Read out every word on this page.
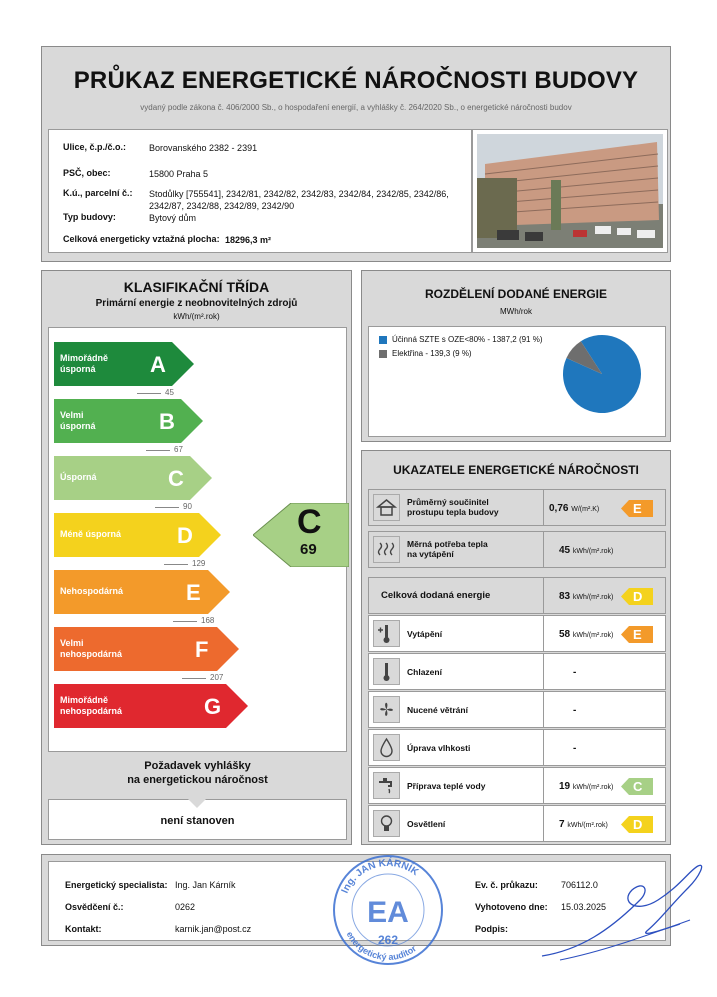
PRŮKAZ ENERGETICKÉ NÁROČNOSTI BUDOVY
vydaný podle zákona č. 406/2000 Sb., o hospodaření energií, a vyhlášky č. 264/2020 Sb., o energetické náročnosti budov
Ulice, č.p./č.o.:	Borovanského 2382 - 2391
PSČ, obec:	15800 Praha 5
K.ú., parcelní č.: Stodůlky [755541], 2342/81, 2342/82, 2342/83, 2342/84, 2342/85, 2342/86, 2342/87, 2342/88, 2342/89, 2342/90
Typ budovy:	Bytový dům
Celková energeticky vztažná plocha: 18296,3 m²
KLASIFIKAČNÍ TŘÍDA
Primární energie z neobnovitelných zdrojů
kWh/(m².rok)
Mimořádně
úsporná	A
45
Velmi
úsporná	B
67
Úsporná	C
90
Méně úsporná	D
129
Nehospodárná	E
168
Velmi
nehospodárná	F
207
Mimořádně
nehospodárná	G
C
69
Požadavek vyhlášky
na energetickou náročnost
není stanoven
ROZDĚLENÍ DODANÉ ENERGIE
MWh/rok
Účinná SZTE s OZE<80% - 1387,2 (91 %)
Elektřina - 139,3 (9 %)
UKAZATELE ENERGETICKÉ NÁROČNOSTI
Průměrný součinitel
prostupu tepla budovy	0,76 W/(m².K)	E
Měrná potřeba tepla
na vytápění	45 kWh/(m².rok)
Celková dodaná energie	83 kWh/(m².rok)	D
Vytápění	58 kWh/(m².rok)	E
Chlazení	-
Nucené větrání	-
Úprava vlhkosti	-
Příprava teplé vody	19 kWh/(m².rok)	C
Osvětlení	7 kWh/(m².rok)	D
Energetický specialista: Ing. Jan Kárník
Osvědčení č.:	0262
Kontakt:	karnik.jan@post.cz
Ev. č. průkazu:	706112.0
Vyhotoveno dne: 15.03.2025
Podpis:
Ing. JAN KÁRNÍK
energetický auditor
EA
262
